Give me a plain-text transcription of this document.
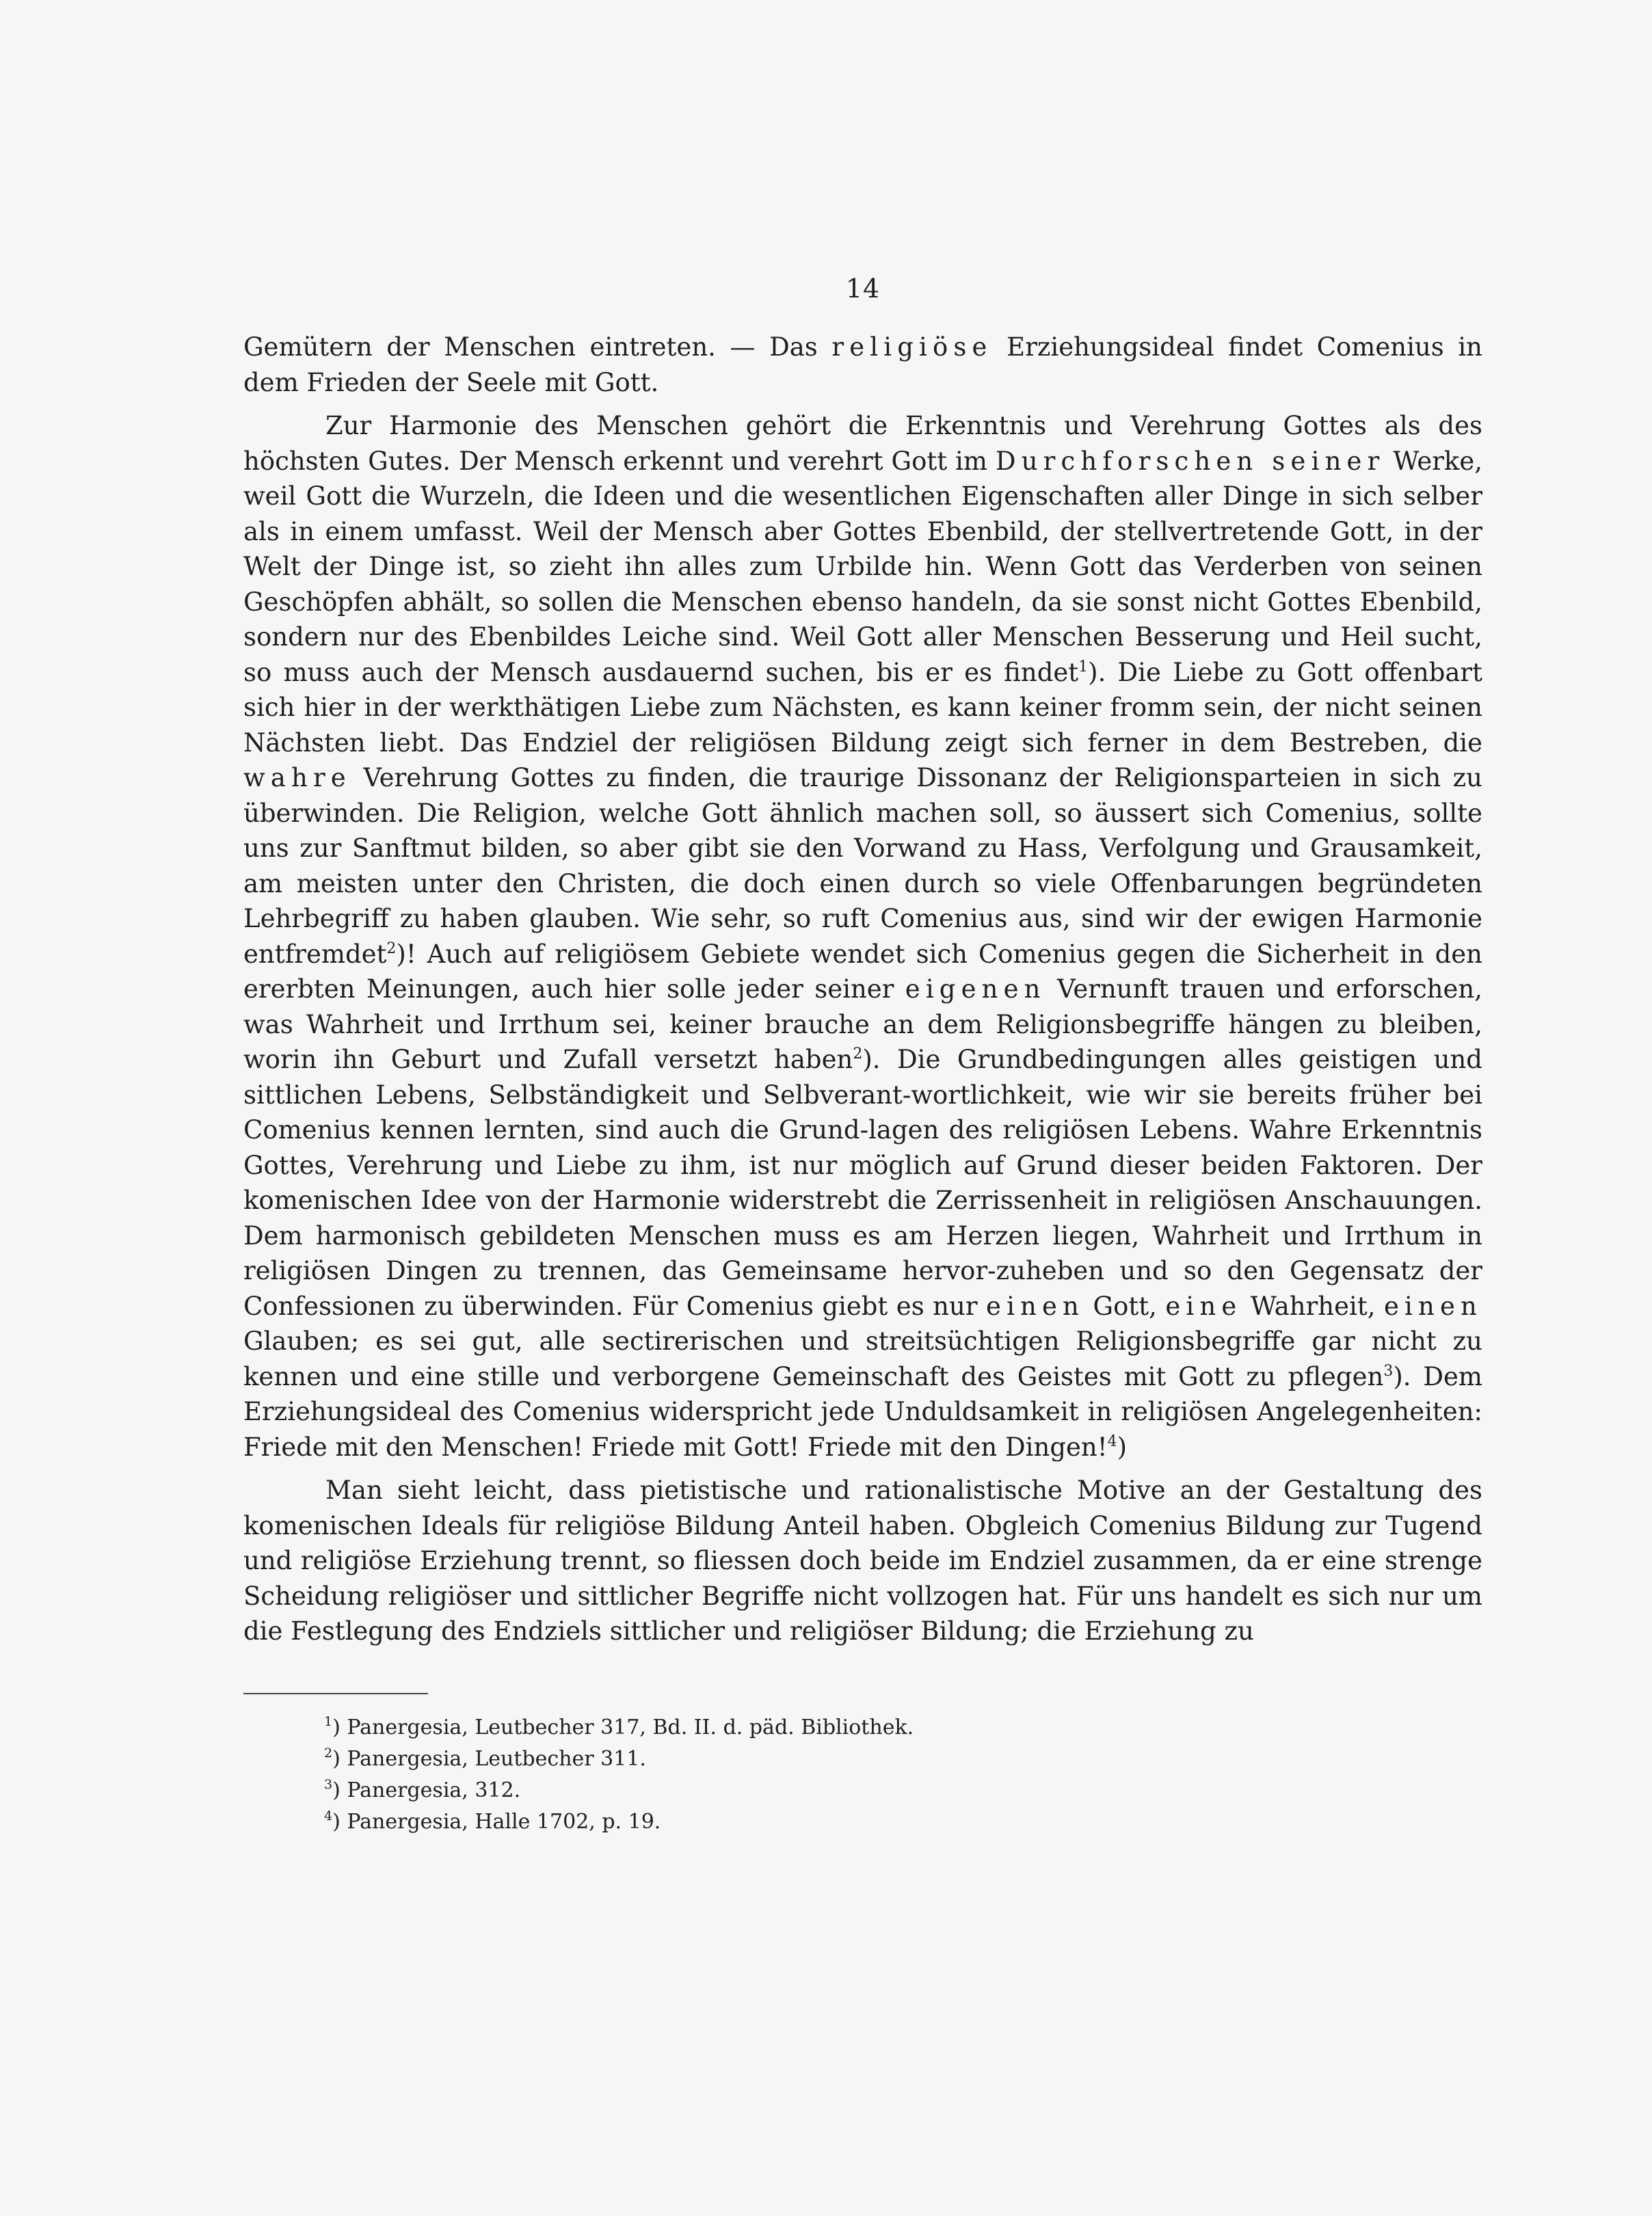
14

Gemütern der Menschen eintreten. — Das religiöse Erziehungsideal findet Comenius in dem Frieden der Seele mit Gott.

Zur Harmonie des Menschen gehört die Erkenntnis und Verehrung Gottes als des höchsten Gutes. Der Mensch erkennt und verehrt Gott im Durchforschen seiner Werke, weil Gott die Wurzeln, die Ideen und die wesentlichen Eigenschaften aller Dinge in sich selber als in einem umfasst. Weil der Mensch aber Gottes Ebenbild, der stellvertretende Gott, in der Welt der Dinge ist, so zieht ihn alles zum Urbilde hin. Wenn Gott das Verderben von seinen Geschöpfen abhält, so sollen die Menschen ebenso handeln, da sie sonst nicht Gottes Ebenbild, sondern nur des Ebenbildes Leiche sind. Weil Gott aller Menschen Besserung und Heil sucht, so muss auch der Mensch ausdauernd suchen, bis er es findet$^1$). Die Liebe zu Gott offenbart sich hier in der werkthätigen Liebe zum Nächsten, es kann keiner fromm sein, der nicht seinen Nächsten liebt. Das Endziel der religiösen Bildung zeigt sich ferner in dem Bestreben, die wahre Verehrung Gottes zu finden, die traurige Dissonanz der Religionsparteien in sich zu überwinden. Die Religion, welche Gott ähnlich machen soll, so äussert sich Comenius, sollte uns zur Sanftmut bilden, so aber gibt sie den Vorwand zu Hass, Verfolgung und Grausamkeit, am meisten unter den Christen, die doch einen durch so viele Offenbarungen begründeten Lehrbegriff zu haben glauben. Wie sehr, so ruft Comenius aus, sind wir der ewigen Harmonie entfremdet$^2$)! Auch auf religiösem Gebiete wendet sich Comenius gegen die Sicherheit in den ererbten Meinungen, auch hier solle jeder seiner eigenen Vernunft trauen und erforschen, was Wahrheit und Irrthum sei, keiner brauche an dem Religionsbegriffe hängen zu bleiben, worin ihn Geburt und Zufall versetzt haben$^2$). Die Grundbedingungen alles geistigen und sittlichen Lebens, Selbständigkeit und Selbverant-wortlichkeit, wie wir sie bereits früher bei Comenius kennen lernten, sind auch die Grund-lagen des religiösen Lebens. Wahre Erkenntnis Gottes, Verehrung und Liebe zu ihm, ist nur möglich auf Grund dieser beiden Faktoren. Der komenischen Idee von der Harmonie widerstrebt die Zerrissenheit in religiösen Anschauungen. Dem harmonisch gebildeten Menschen muss es am Herzen liegen, Wahrheit und Irrthum in religiösen Dingen zu trennen, das Gemeinsame hervor-zuheben und so den Gegensatz der Confessionen zu überwinden. Für Comenius giebt es nur einen Gott, eine Wahrheit, einen Glauben; es sei gut, alle sectirerischen und streitsüchtigen Religionsbegriffe gar nicht zu kennen und eine stille und verborgene Gemeinschaft des Geistes mit Gott zu pflegen$^3$). Dem Erziehungsideal des Comenius widerspricht jede Unduldsamkeit in religiösen Angelegenheiten: Friede mit den Menschen! Friede mit Gott! Friede mit den Dingen!$^4$)

Man sieht leicht, dass pietistische und rationalistische Motive an der Gestaltung des komenischen Ideals für religiöse Bildung Anteil haben. Obgleich Comenius Bildung zur Tugend und religiöse Erziehung trennt, so fliessen doch beide im Endziel zusammen, da er eine strenge Scheidung religiöser und sittlicher Begriffe nicht vollzogen hat. Für uns handelt es sich nur um die Festlegung des Endziels sittlicher und religiöser Bildung; die Erziehung zu

$^1$) Panergesia, Leutbecher 317, Bd. II. d. päd. Bibliothek.
$^2$) Panergesia, Leutbecher 311.
$^3$) Panergesia, 312.
$^4$) Panergesia, Halle 1702, p. 19.
